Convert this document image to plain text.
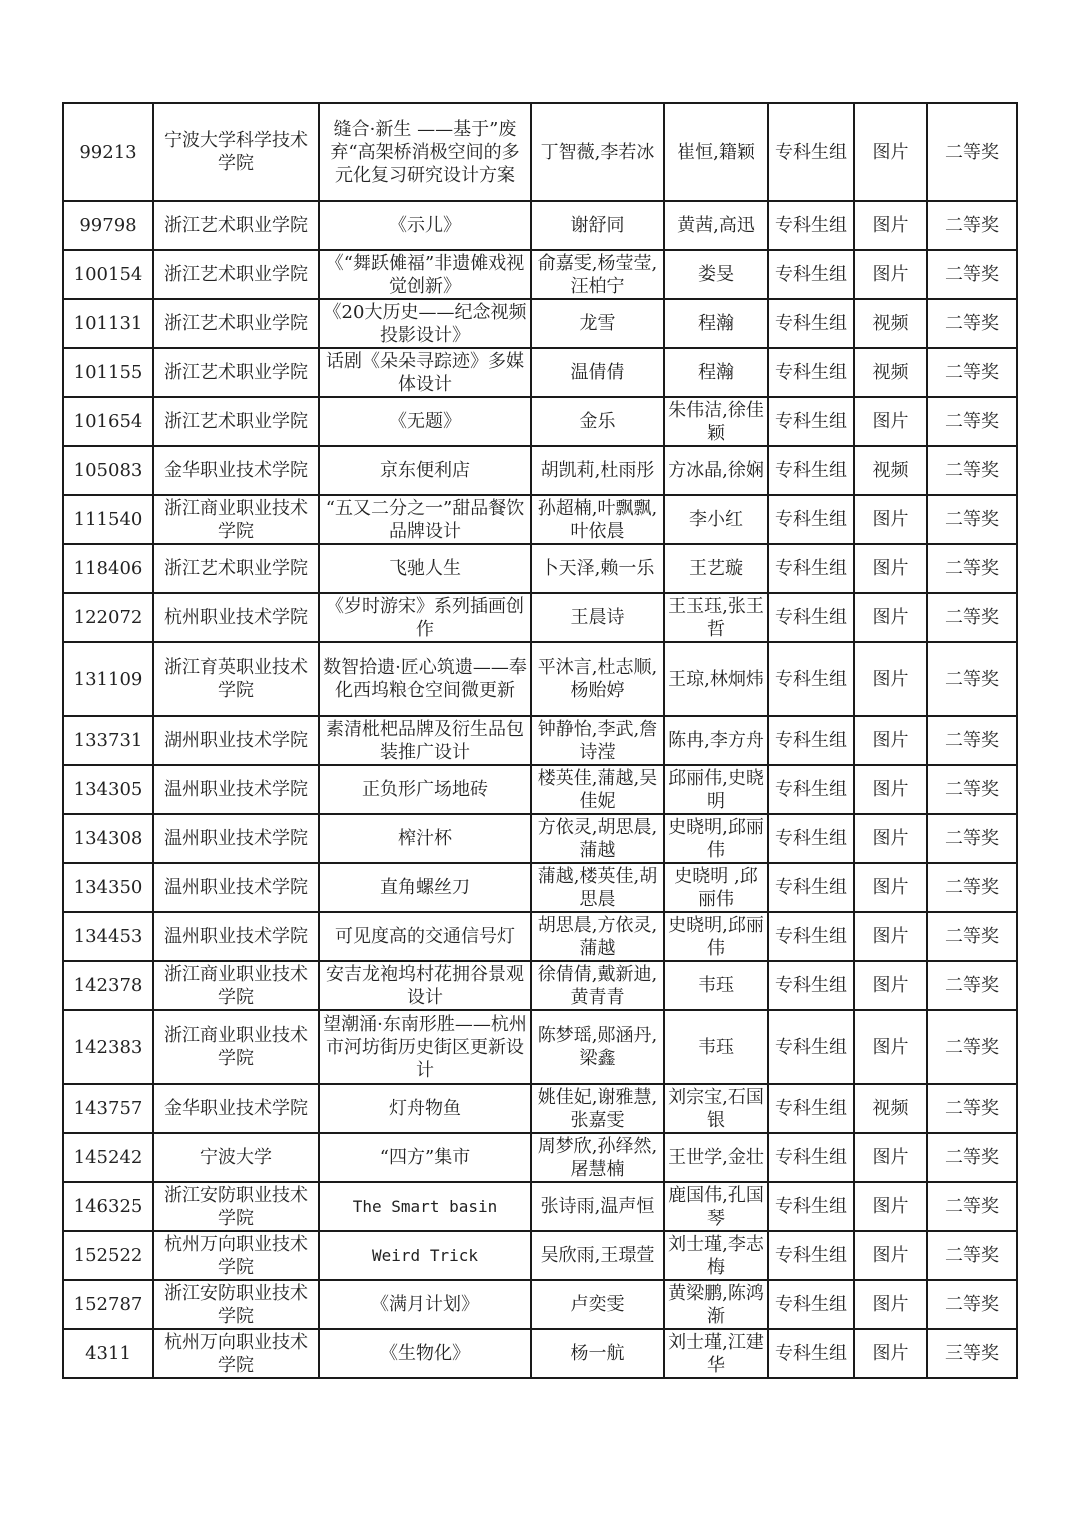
99213	宁波大学科学技术学院	缝合·新生 ——基于”废弃“高架桥消极空间的多元化复习研究设计方案	丁智薇,李若冰	崔恒,籍颖	专科生组	图片	二等奖

99798	浙江艺术职业学院	《示儿》	谢舒同	黄茜,高迅	专科生组	图片	二等奖

100154	浙江艺术职业学院	《“舞跃傩福”非遗傩戏视觉创新》	俞嘉雯,杨莹莹,汪柏宁	娄旻	专科生组	图片	二等奖

101131	浙江艺术职业学院	《20大历史——纪念视频投影设计》	龙雪	程瀚	专科生组	视频	二等奖

101155	浙江艺术职业学院	话剧《朵朵寻踪迹》多媒体设计	温倩倩	程瀚	专科生组	视频	二等奖

101654	浙江艺术职业学院	《无题》	金乐	朱伟洁,徐佳颖	专科生组	图片	二等奖

105083	金华职业技术学院	京东便利店	胡凯莉,杜雨彤	方冰晶,徐娴	专科生组	视频	二等奖

111540	浙江商业职业技术学院	“五又二分之一”甜品餐饮品牌设计	孙超楠,叶飘飘,叶依晨	李小红	专科生组	图片	二等奖

118406	浙江艺术职业学院	飞驰人生	卜天泽,赖一乐	王艺璇	专科生组	图片	二等奖

122072	杭州职业技术学院	《岁时游宋》系列插画创作	王晨诗	王玉珏,张王哲	专科生组	图片	二等奖

131109	浙江育英职业技术学院	数智拾遗·匠心筑遗——奉化西坞粮仓空间微更新	平沐言,杜志顺,杨贻婷	王琼,林炯炜	专科生组	图片	二等奖

133731	湖州职业技术学院	素清枇杷品牌及衍生品包装推广设计	钟静怡,李武,詹诗滢	陈冉,李方舟	专科生组	图片	二等奖

134305	温州职业技术学院	正负形广场地砖	楼英佳,蒲越,吴佳妮	邱丽伟,史晓明	专科生组	图片	二等奖

134308	温州职业技术学院	榨汁杯	方依灵,胡思晨,蒲越	史晓明,邱丽伟	专科生组	图片	二等奖

134350	温州职业技术学院	直角螺丝刀	蒲越,楼英佳,胡思晨	史晓明 ,邱丽伟	专科生组	图片	二等奖

134453	温州职业技术学院	可见度高的交通信号灯	胡思晨,方依灵,蒲越	史晓明,邱丽伟	专科生组	图片	二等奖

142378	浙江商业职业技术学院	安吉龙袍坞村花拥谷景观设计	徐倩倩,戴新迪,黄青青	韦珏	专科生组	图片	二等奖

142383	浙江商业职业技术学院	望潮涌·东南形胜——杭州市河坊街历史街区更新设计	陈梦瑶,郧涵丹,梁鑫	韦珏	专科生组	图片	二等奖

143757	金华职业技术学院	灯舟物鱼	姚佳妃,谢雅慧,张嘉雯	刘宗宝,石国银	专科生组	视频	二等奖

145242	宁波大学	“四方”集市	周梦欣,孙绎然,屠慧楠	王世学,金壮	专科生组	图片	二等奖

146325	浙江安防职业技术学院	The Smart basin	张诗雨,温声恒	鹿国伟,孔国琴	专科生组	图片	二等奖

152522	杭州万向职业技术学院	Weird Trick	吴欣雨,王璟萱	刘士瑾,李志梅	专科生组	图片	二等奖

152787	浙江安防职业技术学院	《满月计划》	卢奕雯	黄梁鹏,陈鸿渐	专科生组	图片	二等奖

4311	杭州万向职业技术学院	《生物化》	杨一航	刘士瑾,江建华	专科生组	图片	三等奖
